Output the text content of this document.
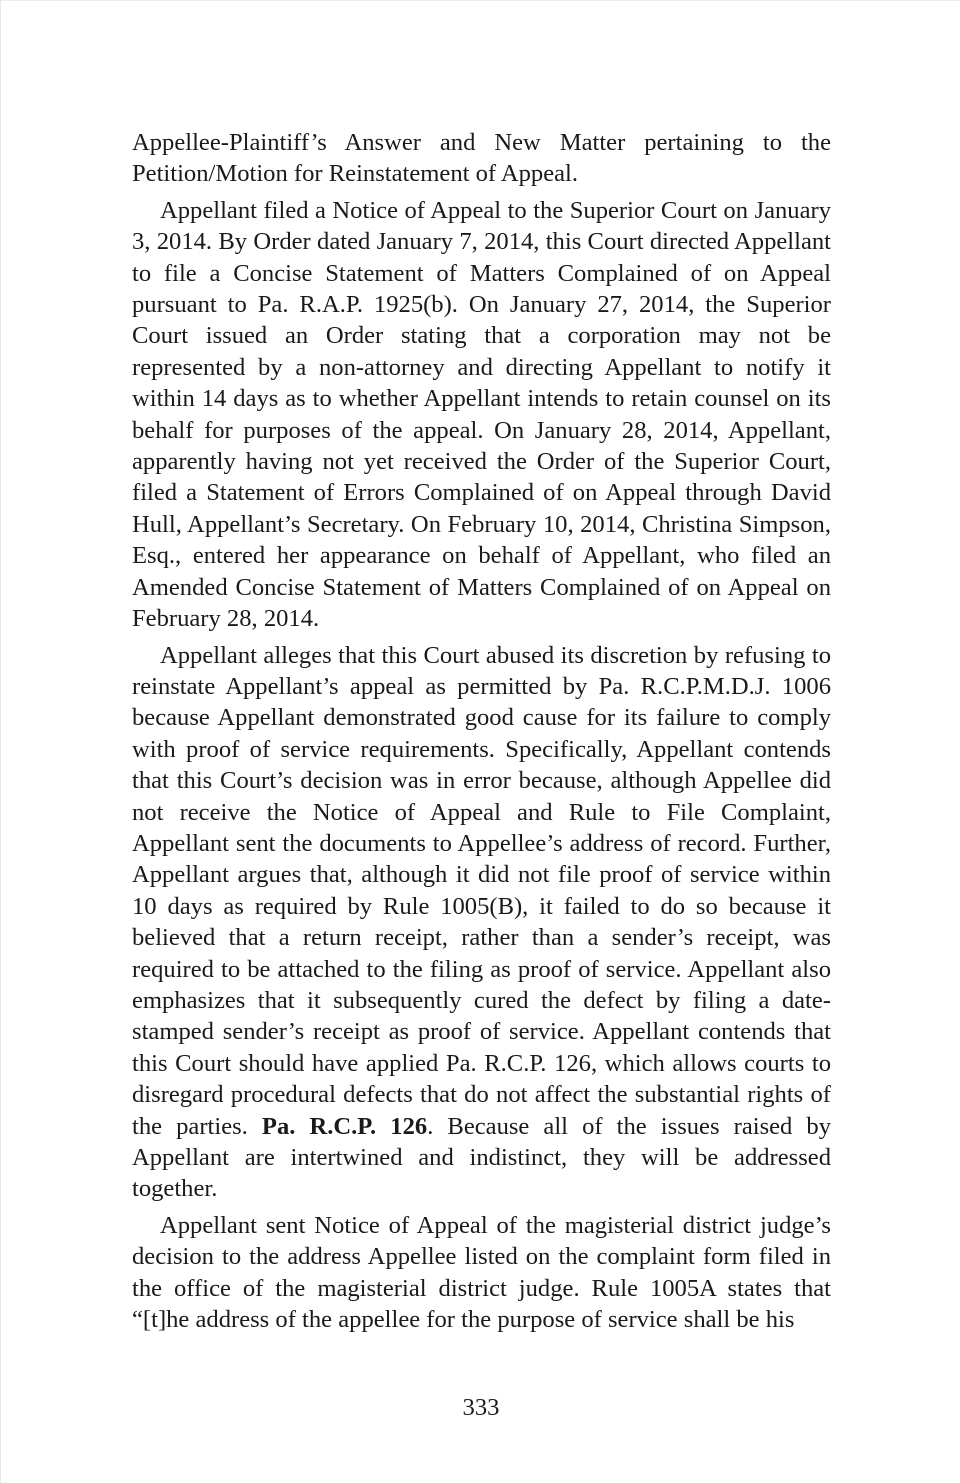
Appellee-Plaintiff’s Answer and New Matter pertaining to the Petition/Motion for Reinstatement of Appeal.

Appellant filed a Notice of Appeal to the Superior Court on January 3, 2014. By Order dated January 7, 2014, this Court directed Appellant to file a Concise Statement of Matters Complained of on Appeal pursuant to Pa. R.A.P. 1925(b). On January 27, 2014, the Superior Court issued an Order stating that a corporation may not be represented by a non-attorney and directing Appellant to notify it within 14 days as to whether Appellant intends to retain counsel on its behalf for purposes of the appeal. On January 28, 2014, Appellant, apparently having not yet received the Order of the Superior Court, filed a Statement of Errors Complained of on Appeal through David Hull, Appellant’s Secretary. On February 10, 2014, Christina Simpson, Esq., entered her appearance on behalf of Appellant, who filed an Amended Concise Statement of Matters Complained of on Appeal on February 28, 2014.

Appellant alleges that this Court abused its discretion by refusing to reinstate Appellant’s appeal as permitted by Pa. R.C.P.M.D.J. 1006 because Appellant demonstrated good cause for its failure to comply with proof of service requirements. Specifically, Appellant contends that this Court’s decision was in error because, although Appellee did not receive the Notice of Appeal and Rule to File Complaint, Appellant sent the documents to Appellee’s address of record. Further, Appellant argues that, although it did not file proof of service within 10 days as required by Rule 1005(B), it failed to do so because it believed that a return receipt, rather than a sender’s receipt, was required to be attached to the filing as proof of service. Appellant also emphasizes that it subsequently cured the defect by filing a date-stamped sender’s receipt as proof of service. Appellant contends that this Court should have applied Pa. R.C.P. 126, which allows courts to disregard procedural defects that do not affect the substantial rights of the parties. Pa. R.C.P. 126. Because all of the issues raised by Appellant are intertwined and indistinct, they will be addressed together.

Appellant sent Notice of Appeal of the magisterial district judge’s decision to the address Appellee listed on the complaint form filed in the office of the magisterial district judge. Rule 1005A states that “[t]he address of the appellee for the purpose of service shall be his

333
